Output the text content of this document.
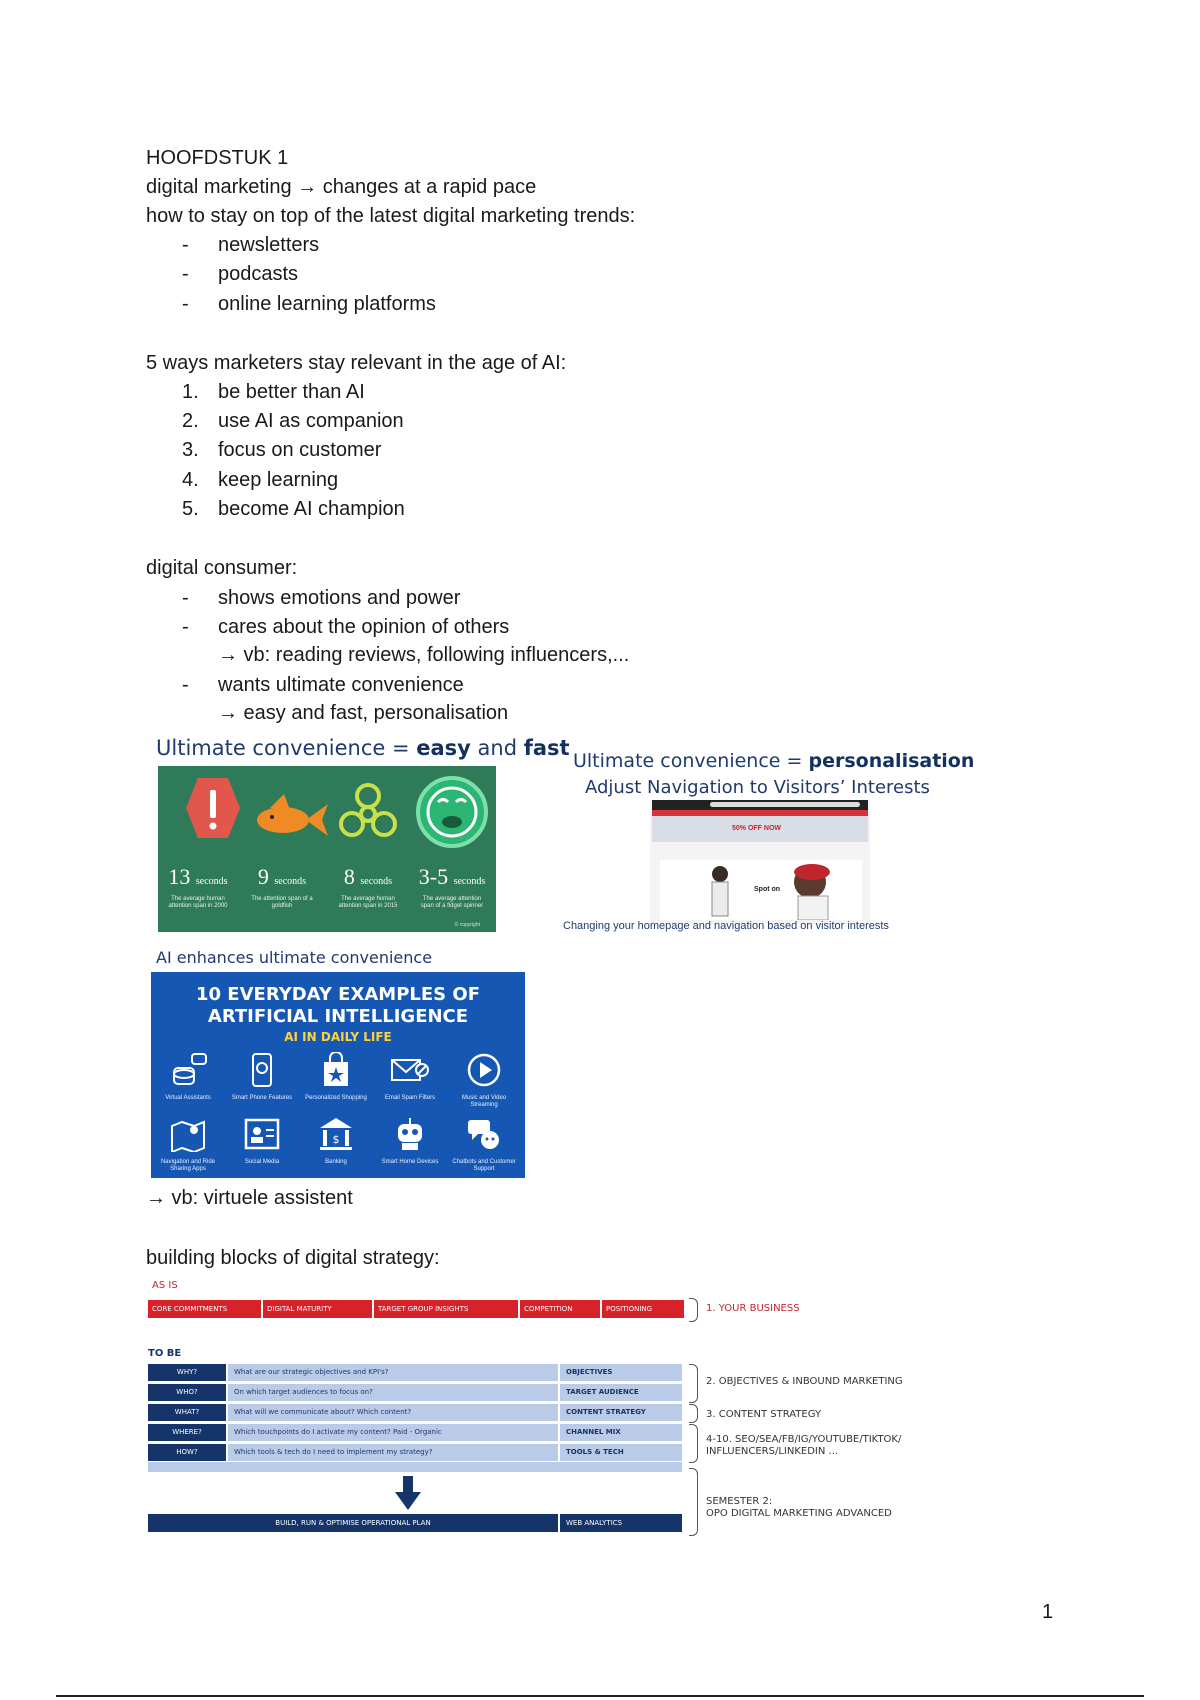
HOOFDSTUK 1
digital marketing → changes at a rapid pace
how to stay on top of the latest digital marketing trends:
- newsletters
- podcasts
- online learning platforms
5 ways marketers stay relevant in the age of AI:
1. be better than AI
2. use AI as companion
3. focus on customer
4. keep learning
5. become AI champion
digital consumer:
- shows emotions and power
- cares about the opinion of others
→ vb: reading reviews, following influencers,...
- wants ultimate convenience
→ easy and fast, personalisation
Ultimate convenience = easy and fast
13 seconds
The average human attention span in 2000
9 seconds
The attention span of a goldfish
8 seconds
The average human attention span in 2015
3-5 seconds
The average attention span of a fidget spinner
© copyright
Ultimate convenience = personalisation
Adjust Navigation to Visitors’ Interests
50% OFF NOW
Spot on
Changing your homepage and navigation based on visitor interests
AI enhances ultimate convenience
10 EVERYDAY EXAMPLES OF
ARTIFICIAL INTELLIGENCE
AI IN DAILY LIFE
Virtual Assistants	Smart Phone Features	Personalized Shopping	Email Spam Filters	Music and Video Streaming
Navigation and Ride Sharing Apps
Social Media
$
Banking	Smart Home Devices	Chatbots and Customer Support
→ vb: virtuele assistent
building blocks of digital strategy:
AS IS
CORE COMMITMENTS	DIGITAL MATURITY	TARGET GROUP INSIGHTS	COMPETITION	POSITIONING	1. YOUR BUSINESS
TO BE
WHY?	What are our strategic objectives and KPI's?	OBJECTIVES
WHO?	On which target audiences to focus on?	TARGET AUDIENCE
WHAT?	What will we communicate about? Which content?	CONTENT STRATEGY
WHERE?	Which touchpoints do I activate my content? Paid - Organic	CHANNEL MIX
HOW?	Which tools & tech do I need to implement my strategy?	TOOLS & TECH
BUILD, RUN & OPTIMISE OPERATIONAL PLAN	WEB ANALYTICS
2. OBJECTIVES & INBOUND MARKETING
3. CONTENT STRATEGY
4-10. SEO/SEA/FB/IG/YOUTUBE/TIKTOK/
INFLUENCERS/LINKEDIN ...
SEMESTER 2:
OPO DIGITAL MARKETING ADVANCED
1
